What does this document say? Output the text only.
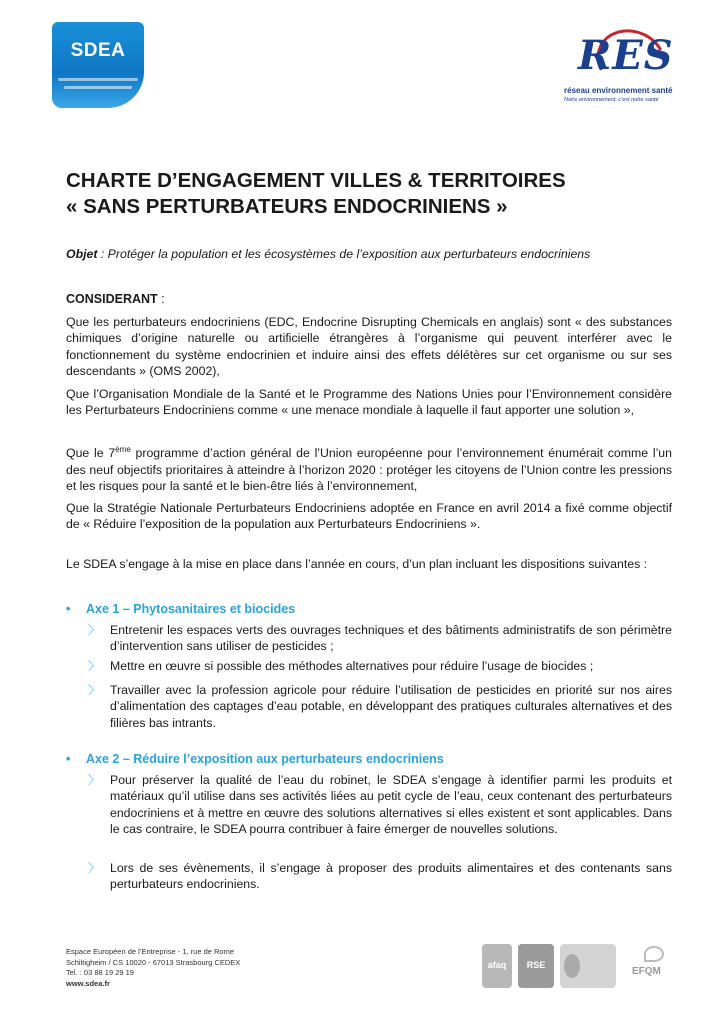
SDEA	RES
réseau environnement santé
Notre environnement, c'est notre santé
CHARTE D’ENGAGEMENT VILLES & TERRITOIRES
« SANS PERTURBATEURS ENDOCRINIENS »
Objet : Protéger la population et les écosystèmes de l’exposition aux perturbateurs endocriniens
CONSIDERANT :
Que les perturbateurs endocriniens (EDC, Endocrine Disrupting Chemicals en anglais) sont « des substances chimiques d’origine naturelle ou artificielle étrangères à l’organisme qui peuvent interférer avec le fonctionnement du système endocrinien et induire ainsi des effets délétères sur cet organisme ou sur ses descendants » (OMS 2002),
Que l’Organisation Mondiale de la Santé et le Programme des Nations Unies pour l’Environnement considère les Perturbateurs Endocriniens comme « une menace mondiale à laquelle il faut apporter une solution »,
Que le 7ème programme d’action général de l’Union européenne pour l’environnement énumérait comme l’un des neuf objectifs prioritaires à atteindre à l’horizon 2020 : protéger les citoyens de l’Union contre les pressions et les risques pour la santé et le bien-être liés à l’environnement,
Que la Stratégie Nationale Perturbateurs Endocriniens adoptée en France en avril 2014 a fixé comme objectif de « Réduire l’exposition de la population aux Perturbateurs Endocriniens ».
Le SDEA s’engage à la mise en place dans l’année en cours, d’un plan incluant les dispositions suivantes :
• Axe 1 – Phytosanitaires et biocides
〉 Entretenir les espaces verts des ouvrages techniques et des bâtiments administratifs de son périmètre d’intervention sans utiliser de pesticides ;
〉 Mettre en œuvre si possible des méthodes alternatives pour réduire l’usage de biocides ;
〉 Travailler avec la profession agricole pour réduire l’utilisation de pesticides en priorité sur nos aires d’alimentation des captages d’eau potable, en développant des pratiques culturales alternatives et des filières bas intrants.
• Axe 2 – Réduire l’exposition aux perturbateurs endocriniens
〉 Pour préserver la qualité de l’eau du robinet, le SDEA s’engage à identifier parmi les produits et matériaux qu’il utilise dans ses activités liées au petit cycle de l’eau, ceux contenant des perturbateurs endocriniens et à mettre en œuvre des solutions alternatives si elles existent et sont applicables. Dans le cas contraire, le SDEA pourra contribuer à faire émerger de nouvelles solutions.
〉 Lors de ses évènements, il s’engage à proposer des produits alimentaires et des contenants sans perturbateurs endocriniens.
Espace Européen de l’Entreprise - 1, rue de Rome
Schiltigheim / CS 10020 - 67013 Strasbourg CEDEX
Tel. : 03 88 19 29 19
www.sdea.fr
afaq	RSE
EFQM
